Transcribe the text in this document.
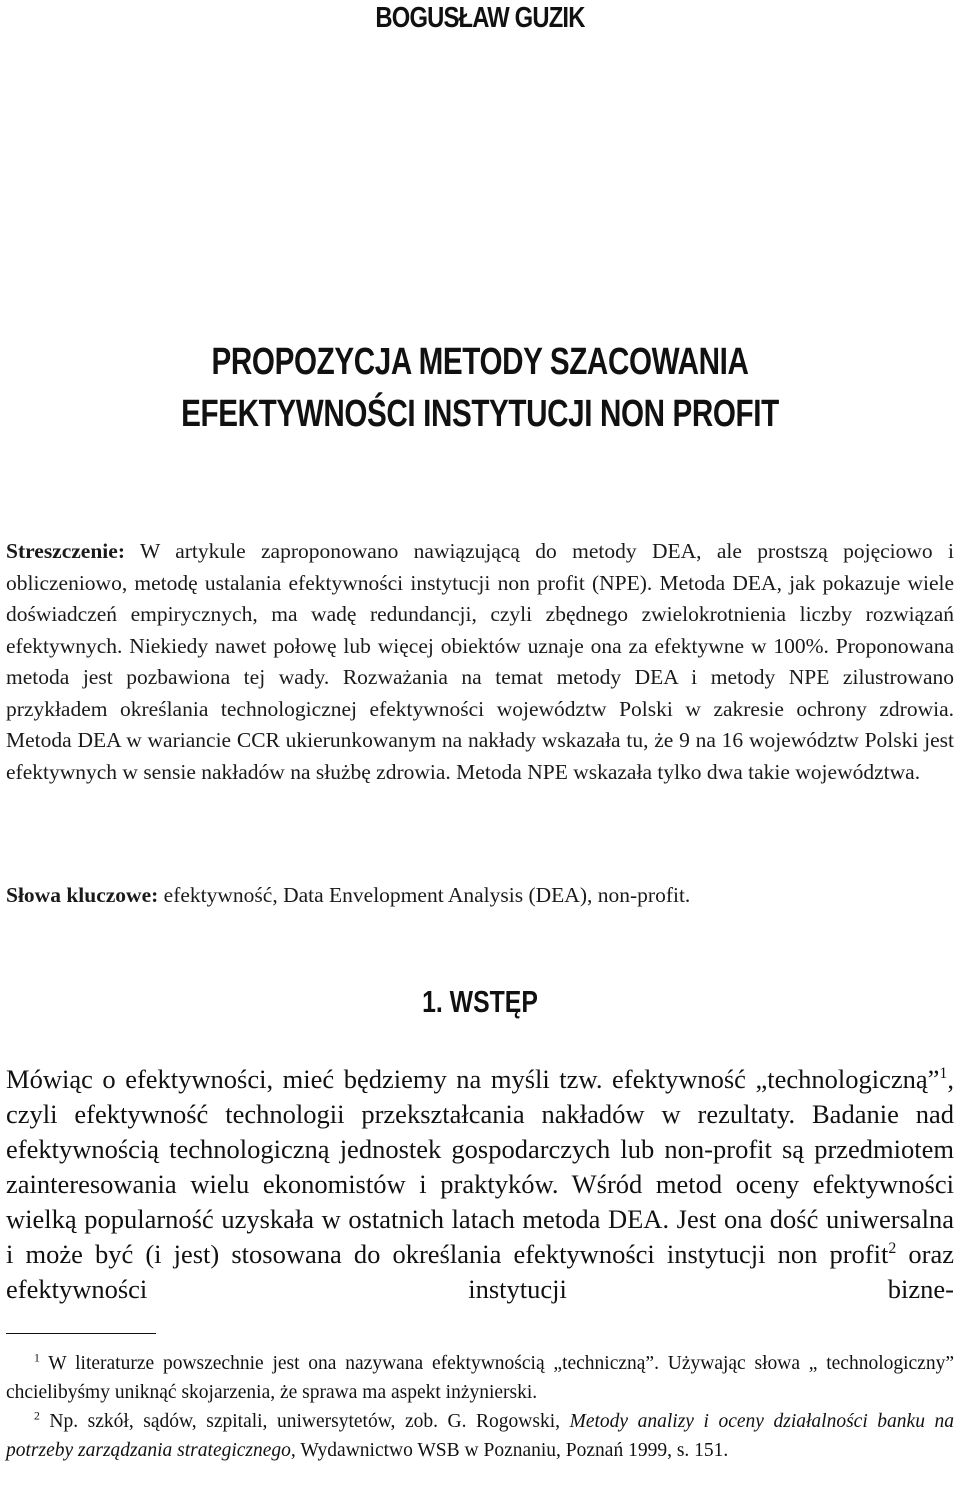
BOGUSŁAW GUZIK
PROPOZYCJA METODY SZACOWANIA
EFEKTYWNOŚCI INSTYTUCJI NON PROFIT
Streszczenie: W artykule zaproponowano nawiązującą do metody DEA, ale prostszą pojęciowo i obliczeniowo, metodę ustalania efektywności instytucji non profit (NPE). Metoda DEA, jak pokazuje wiele doświadczeń empirycznych, ma wadę redundancji, czyli zbędnego zwielokrotnienia liczby rozwiązań efektywnych. Niekiedy nawet połowę lub więcej obiektów uznaje ona za efektywne w 100%. Proponowana metoda jest pozbawiona tej wady. Rozważania na temat metody DEA i metody NPE zilustrowano przykładem określania technologicznej efektywności województw Polski w zakresie ochrony zdrowia. Metoda DEA w wariancie CCR ukierunkowanym na nakłady wskazała tu, że 9 na 16 województw Polski jest efektywnych w sensie nakładów na służbę zdrowia. Metoda NPE wskazała tylko dwa takie województwa.
Słowa kluczowe: efektywność, Data Envelopment Analysis (DEA), non-profit.
1. WSTĘP
Mówiąc o efektywności, mieć będziemy na myśli tzw. efektywność „technologiczną”$^1$, czyli efektywność technologii przekształcania nakładów w rezultaty. Badanie nad efektywnością technologiczną jednostek gospodarczych lub non-profit są przedmiotem zainteresowania wielu ekonomistów i praktyków. Wśród metod oceny efektywności wielką popularność uzyskała w ostatnich latach metoda DEA. Jest ona dość uniwersalna i może być (i jest) stosowana do określania efektywności instytucji non profit$^2$ oraz efektywności instytucji bizne-
$^1$ W literaturze powszechnie jest ona nazywana efektywnością „techniczną”. Używając słowa „ technologiczny” chcielibyśmy uniknąć skojarzenia, że sprawa ma aspekt inżynierski.
$^2$ Np. szkół, sądów, szpitali, uniwersytetów, zob. G. Rogowski, Metody analizy i oceny działalności banku na potrzeby zarządzania strategicznego, Wydawnictwo WSB w Poznaniu, Poznań 1999, s. 151.
